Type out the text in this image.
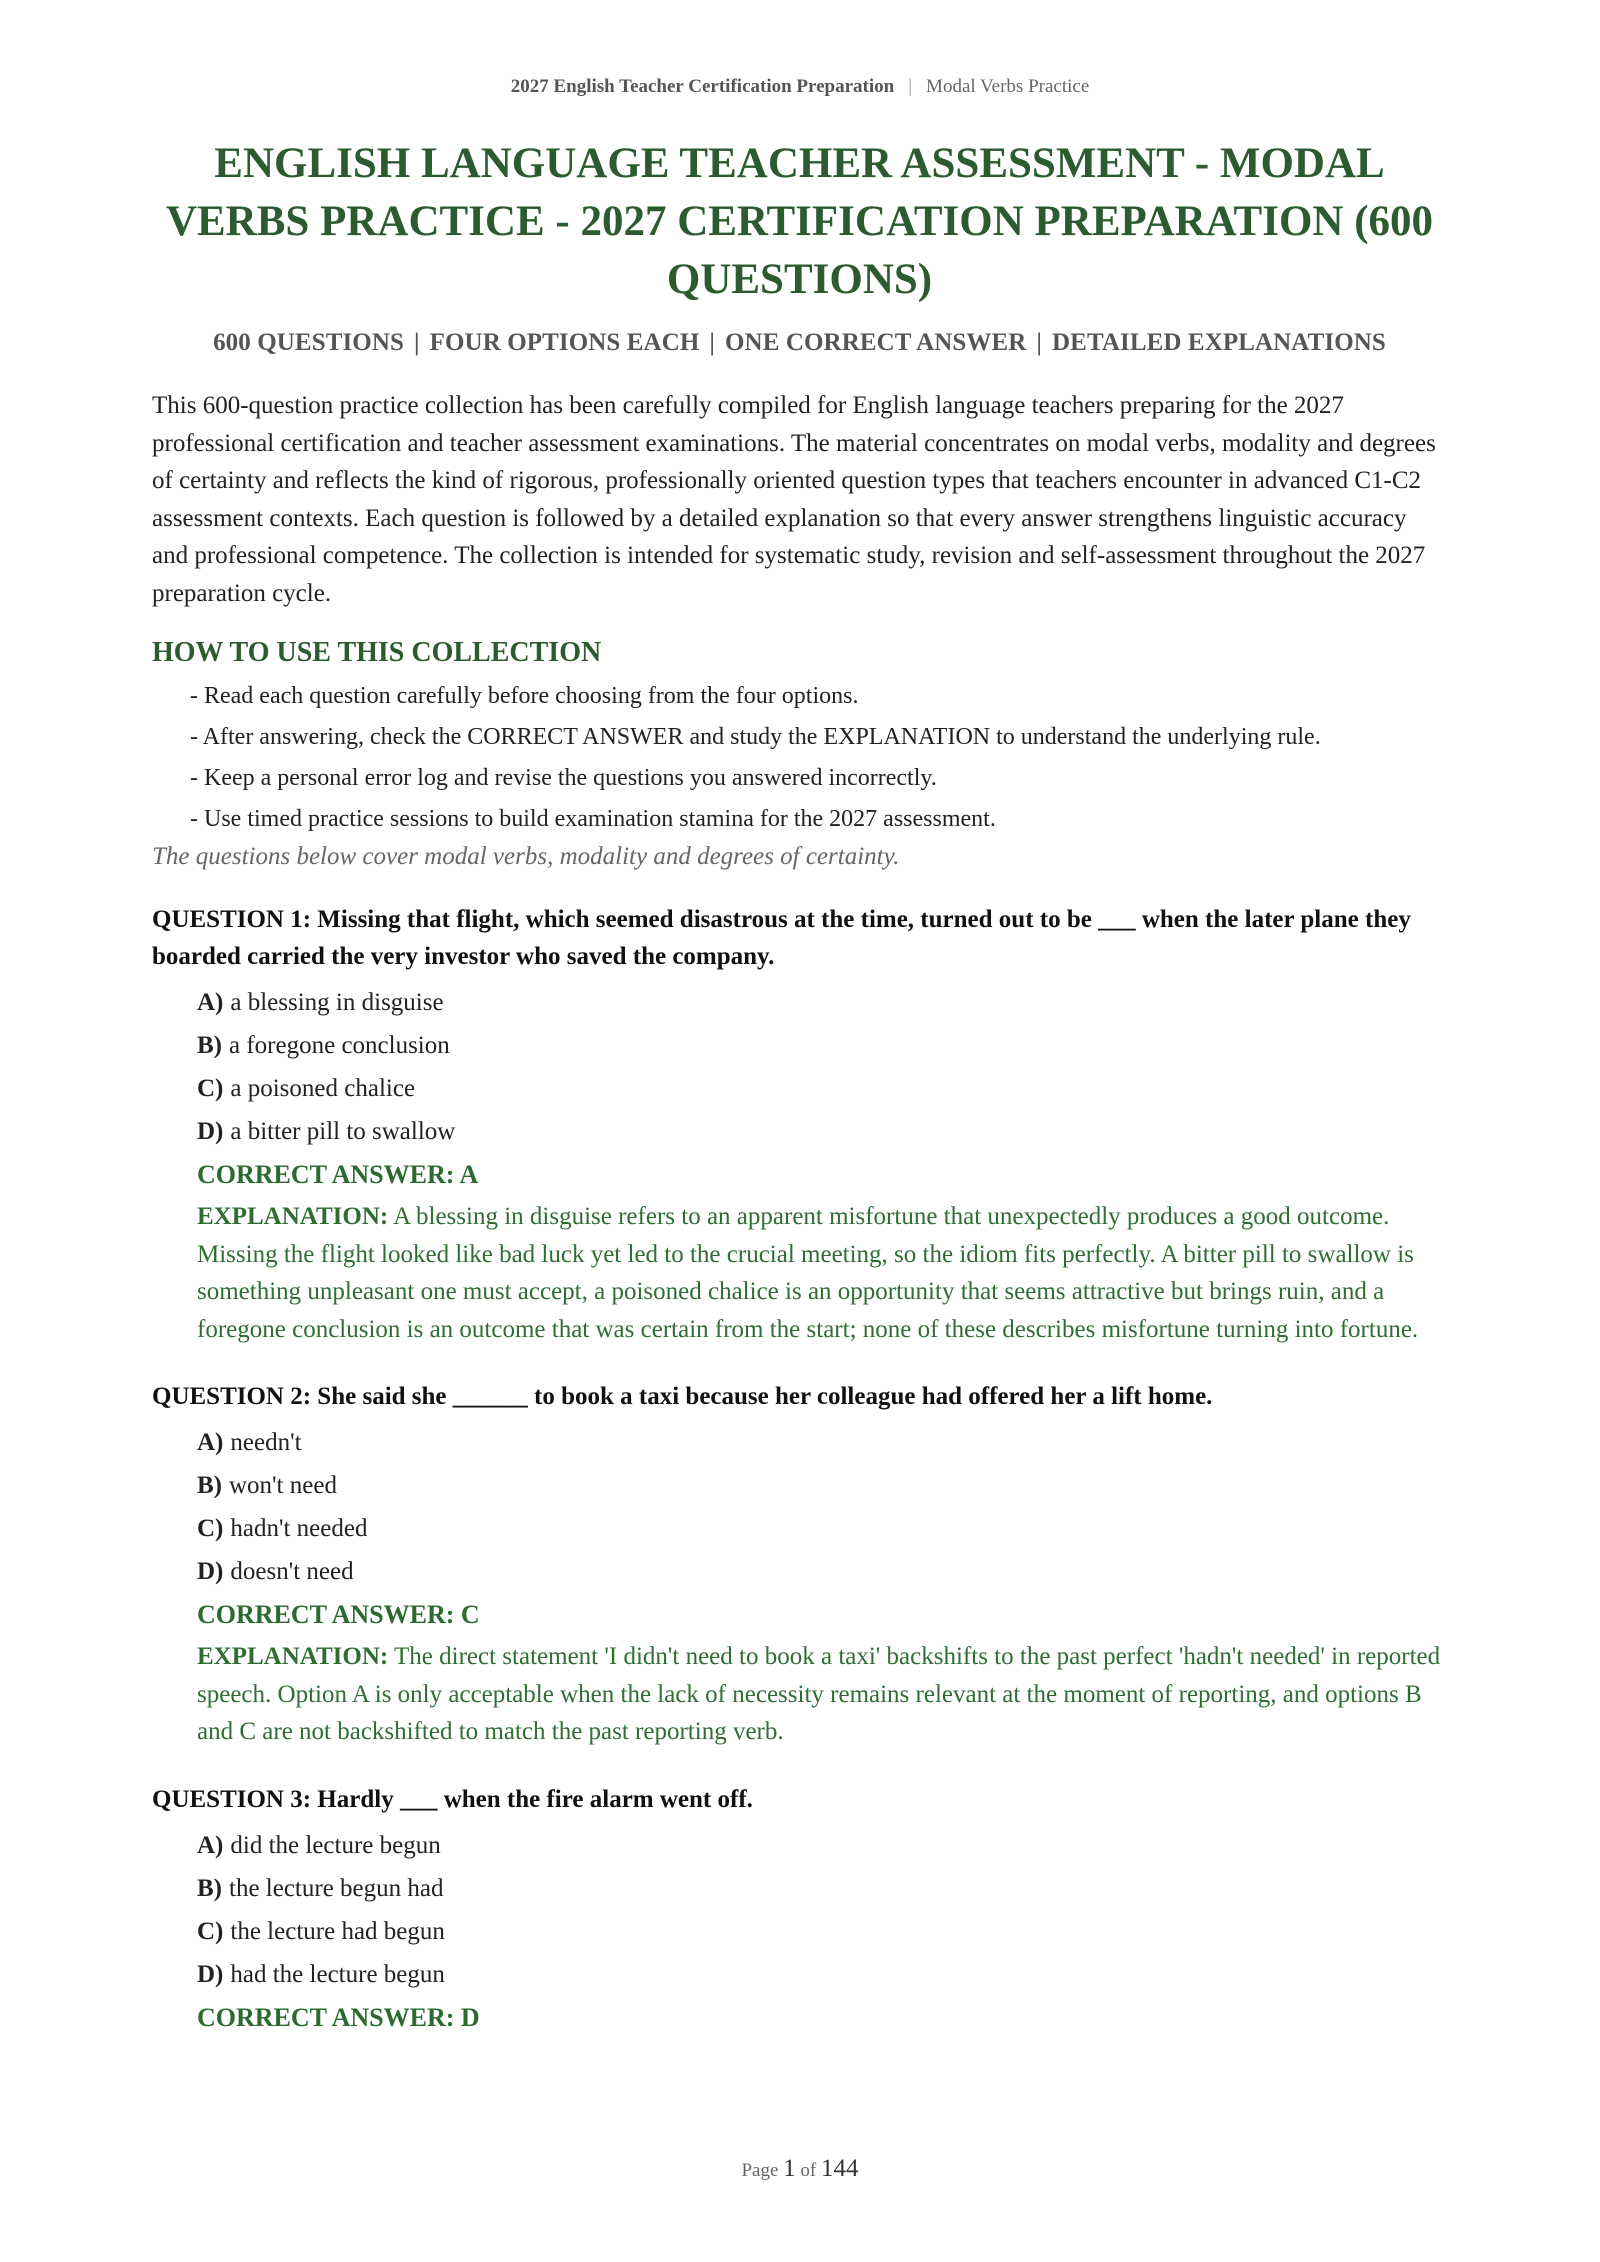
2027 English Teacher Certification Preparation | Modal Verbs Practice
ENGLISH LANGUAGE TEACHER ASSESSMENT - MODAL VERBS PRACTICE - 2027 CERTIFICATION PREPARATION (600 QUESTIONS)
600 QUESTIONS | FOUR OPTIONS EACH | ONE CORRECT ANSWER | DETAILED EXPLANATIONS

This 600-question practice collection has been carefully compiled for English language teachers preparing for the 2027 professional certification and teacher assessment examinations. The material concentrates on modal verbs, modality and degrees of certainty and reflects the kind of rigorous, professionally oriented question types that teachers encounter in advanced C1-C2 assessment contexts. Each question is followed by a detailed explanation so that every answer strengthens linguistic accuracy and professional competence. The collection is intended for systematic study, revision and self-assessment throughout the 2027 preparation cycle.

HOW TO USE THIS COLLECTION
- Read each question carefully before choosing from the four options.
- After answering, check the CORRECT ANSWER and study the EXPLANATION to understand the underlying rule.
- Keep a personal error log and revise the questions you answered incorrectly.
- Use timed practice sessions to build examination stamina for the 2027 assessment.
The questions below cover modal verbs, modality and degrees of certainty.
QUESTION 1: Missing that flight, which seemed disastrous at the time, turned out to be ___ when the later plane they boarded carried the very investor who saved the company.
A) a blessing in disguise
B) a foregone conclusion
C) a poisoned chalice
D) a bitter pill to swallow
CORRECT ANSWER: A
EXPLANATION: A blessing in disguise refers to an apparent misfortune that unexpectedly produces a good outcome. Missing the flight looked like bad luck yet led to the crucial meeting, so the idiom fits perfectly. A bitter pill to swallow is something unpleasant one must accept, a poisoned chalice is an opportunity that seems attractive but brings ruin, and a foregone conclusion is an outcome that was certain from the start; none of these describes misfortune turning into fortune.
QUESTION 2: She said she ______ to book a taxi because her colleague had offered her a lift home.
A) needn't
B) won't need
C) hadn't needed
D) doesn't need
CORRECT ANSWER: C
EXPLANATION: The direct statement 'I didn't need to book a taxi' backshifts to the past perfect 'hadn't needed' in reported speech. Option A is only acceptable when the lack of necessity remains relevant at the moment of reporting, and options B and C are not backshifted to match the past reporting verb.
QUESTION 3: Hardly ___ when the fire alarm went off.
A) did the lecture begun
B) the lecture begun had
C) the lecture had begun
D) had the lecture begun
CORRECT ANSWER: D
Page 1 of 144
